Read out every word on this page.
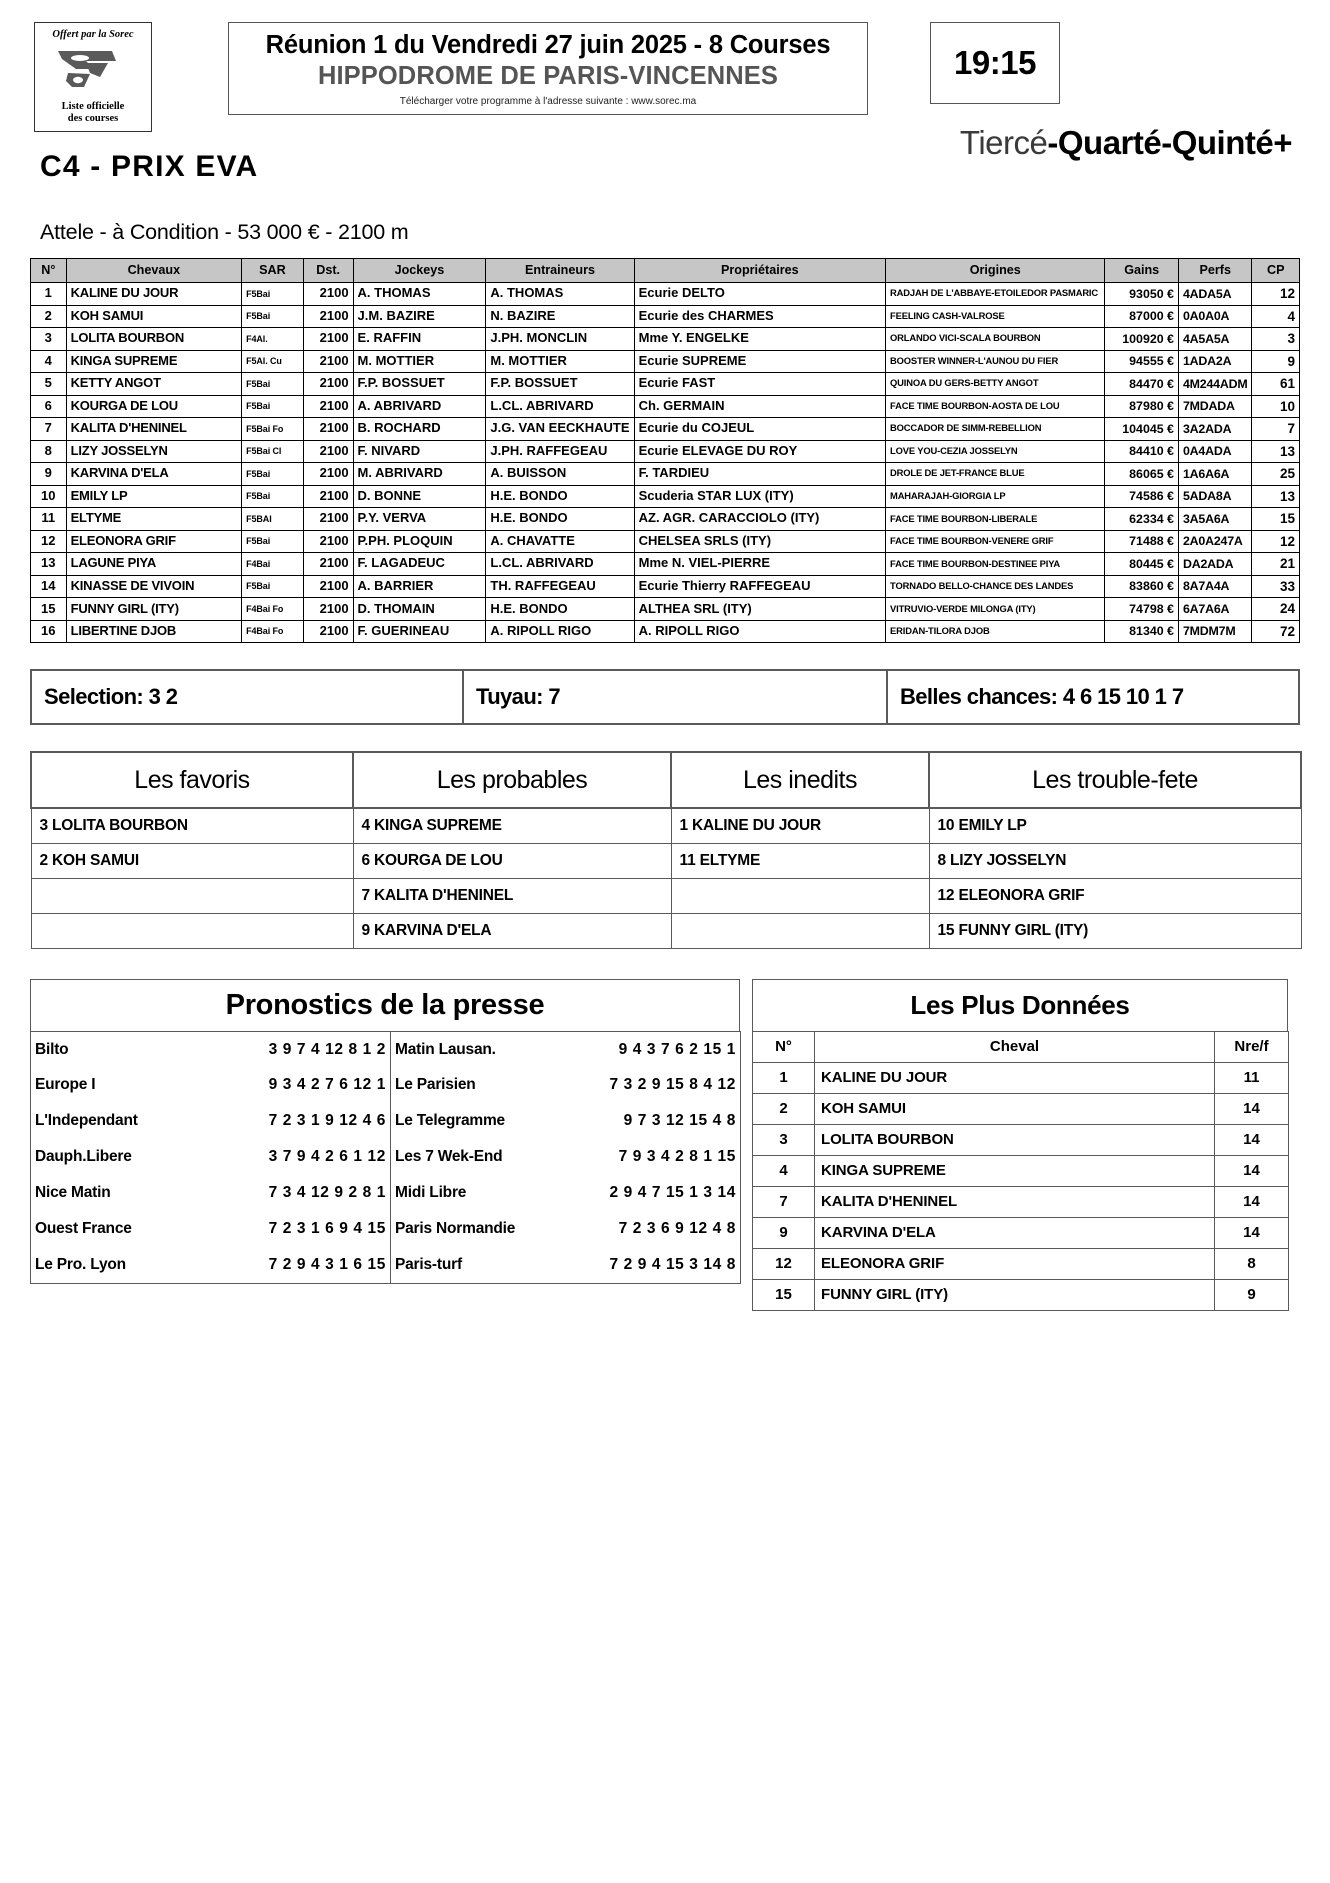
Offert par la Sorec
Liste officielle
des courses
Réunion 1 du Vendredi 27 juin 2025 - 8 Courses
HIPPODROME DE PARIS-VINCENNES
Télécharger votre programme à l'adresse suivante : www.sorec.ma
19:15
Tiercé-Quarté-Quinté+
C4 - PRIX EVA
Attele - à Condition - 53 000 € - 2100 m
N°	Chevaux	SAR	Dst.	Jockeys	Entraineurs	Propriétaires	Origines	Gains	Perfs	CP
1	KALINE DU JOUR	F5Bai	2100	A. THOMAS	A. THOMAS	Ecurie DELTO	RADJAH DE L'ABBAYE-ETOILEDOR PASMARIC	93050 €	4ADA5A	12
2	KOH SAMUI	F5Bai	2100	J.M. BAZIRE	N. BAZIRE	Ecurie des CHARMES	FEELING CASH-VALROSE	87000 €	0A0A0A	4
3	LOLITA BOURBON	F4Al.	2100	E. RAFFIN	J.PH. MONCLIN	Mme Y. ENGELKE	ORLANDO VICI-SCALA BOURBON	100920 €	4A5A5A	3
4	KINGA SUPREME	F5Al. Cu	2100	M. MOTTIER	M. MOTTIER	Ecurie SUPREME	BOOSTER WINNER-L'AUNOU DU FIER	94555 €	1ADA2A	9
5	KETTY ANGOT	F5Bai	2100	F.P. BOSSUET	F.P. BOSSUET	Ecurie FAST	QUINOA DU GERS-BETTY ANGOT	84470 €	4M244ADM	61
6	KOURGA DE LOU	F5Bai	2100	A. ABRIVARD	L.CL. ABRIVARD	Ch. GERMAIN	FACE TIME BOURBON-AOSTA DE LOU	87980 €	7MDADA	10
7	KALITA D'HENINEL	F5Bai Fo	2100	B. ROCHARD	J.G. VAN EECKHAUTE	Ecurie du COJEUL	BOCCADOR DE SIMM-REBELLION	104045 €	3A2ADA	7
8	LIZY JOSSELYN	F5Bai Cl	2100	F. NIVARD	J.PH. RAFFEGEAU	Ecurie ELEVAGE DU ROY	LOVE YOU-CEZIA JOSSELYN	84410 €	0A4ADA	13
9	KARVINA D'ELA	F5Bai	2100	M. ABRIVARD	A. BUISSON	F. TARDIEU	DROLE DE JET-FRANCE BLUE	86065 €	1A6A6A	25
10	EMILY LP	F5Bai	2100	D. BONNE	H.E. BONDO	Scuderia STAR LUX (ITY)	MAHARAJAH-GIORGIA LP	74586 €	5ADA8A	13
11	ELTYME	F5BAI	2100	P.Y. VERVA	H.E. BONDO	AZ. AGR. CARACCIOLO (ITY)	FACE TIME BOURBON-LIBERALE	62334 €	3A5A6A	15
12	ELEONORA GRIF	F5Bai	2100	P.PH. PLOQUIN	A. CHAVATTE	CHELSEA SRLS (ITY)	FACE TIME BOURBON-VENERE GRIF	71488 €	2A0A247A	12
13	LAGUNE PIYA	F4Bai	2100	F. LAGADEUC	L.CL. ABRIVARD	Mme N. VIEL-PIERRE	FACE TIME BOURBON-DESTINEE PIYA	80445 €	DA2ADA	21
14	KINASSE DE VIVOIN	F5Bai	2100	A. BARRIER	TH. RAFFEGEAU	Ecurie Thierry RAFFEGEAU	TORNADO BELLO-CHANCE DES LANDES	83860 €	8A7A4A	33
15	FUNNY GIRL (ITY)	F4Bai Fo	2100	D. THOMAIN	H.E. BONDO	ALTHEA SRL (ITY)	VITRUVIO-VERDE MILONGA (ITY)	74798 €	6A7A6A	24
16	LIBERTINE DJOB	F4Bai Fo	2100	F. GUERINEAU	A. RIPOLL RIGO	A. RIPOLL RIGO	ERIDAN-TILORA DJOB	81340 €	7MDM7M	72
Selection: 3 2	Tuyau: 7	Belles chances: 4 6 15 10 1 7
Les favoris	Les probables	Les inedits	Les trouble-fete
3 LOLITA BOURBON	4 KINGA SUPREME	1 KALINE DU JOUR	10 EMILY LP
2 KOH SAMUI	6 KOURGA DE LOU	11 ELTYME	8 LIZY JOSSELYN
	7 KALITA D'HENINEL		12 ELEONORA GRIF
	9 KARVINA D'ELA		15 FUNNY GIRL (ITY)
Pronostics de la presse
Bilto	3 9 7 4 12 8 1 2	Matin Lausan.	9 4 3 7 6 2 15 1
Europe I	9 3 4 2 7 6 12 1	Le Parisien	7 3 2 9 15 8 4 12
L'Independant	7 2 3 1 9 12 4 6	Le Telegramme	9 7 3 12 15 4 8
Dauph.Libere	3 7 9 4 2 6 1 12	Les 7 Wek-End	7 9 3 4 2 8 1 15
Nice Matin	7 3 4 12 9 2 8 1	Midi Libre	2 9 4 7 15 1 3 14
Ouest France	7 2 3 1 6 9 4 15	Paris Normandie	7 2 3 6 9 12 4 8
Le Pro. Lyon	7 2 9 4 3 1 6 15	Paris-turf	7 2 9 4 15 3 14 8
Les Plus Données
N°	Cheval	Nre/f
1	KALINE DU JOUR	11
2	KOH SAMUI	14
3	LOLITA BOURBON	14
4	KINGA SUPREME	14
7	KALITA D'HENINEL	14
9	KARVINA D'ELA	14
12	ELEONORA GRIF	8
15	FUNNY GIRL (ITY)	9
